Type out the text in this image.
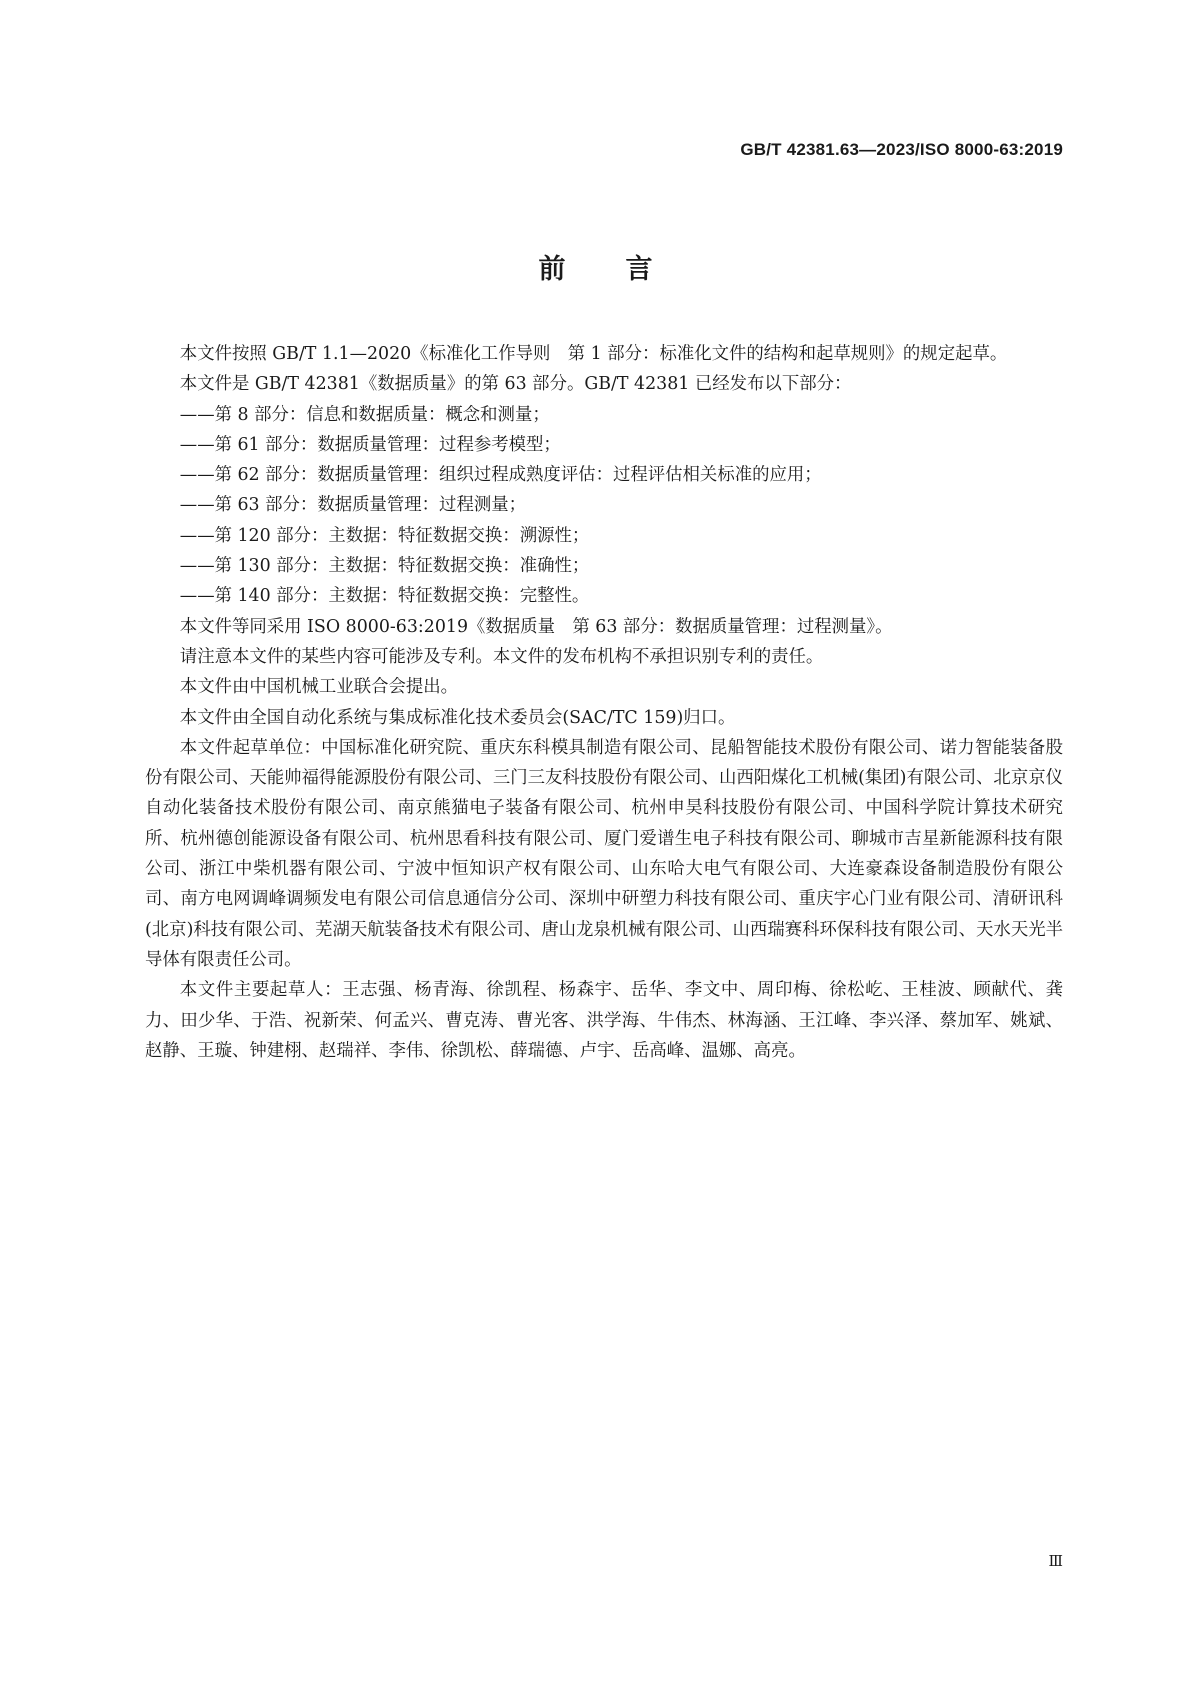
GB/T 42381.63—2023/ISO 8000-63:2019
前言

本文件按照 GB/T 1.1—2020《标准化工作导则　第 1 部分：标准化文件的结构和起草规则》的规定起草。

本文件是 GB/T 42381《数据质量》的第 63 部分。GB/T 42381 已经发布以下部分：

——第 8 部分：信息和数据质量：概念和测量；

——第 61 部分：数据质量管理：过程参考模型；

——第 62 部分：数据质量管理：组织过程成熟度评估：过程评估相关标准的应用；

——第 63 部分：数据质量管理：过程测量；

——第 120 部分：主数据：特征数据交换：溯源性；

——第 130 部分：主数据：特征数据交换：准确性；

——第 140 部分：主数据：特征数据交换：完整性。

本文件等同采用 ISO 8000-63:2019《数据质量　第 63 部分：数据质量管理：过程测量》。

请注意本文件的某些内容可能涉及专利。本文件的发布机构不承担识别专利的责任。

本文件由中国机械工业联合会提出。

本文件由全国自动化系统与集成标准化技术委员会(SAC/TC 159)归口。

本文件起草单位：中国标准化研究院、重庆东科模具制造有限公司、昆船智能技术股份有限公司、诺力智能装备股份有限公司、天能帅福得能源股份有限公司、三门三友科技股份有限公司、山西阳煤化工机械(集团)有限公司、北京京仪自动化装备技术股份有限公司、南京熊猫电子装备有限公司、杭州申昊科技股份有限公司、中国科学院计算技术研究所、杭州德创能源设备有限公司、杭州思看科技有限公司、厦门爱谱生电子科技有限公司、聊城市吉星新能源科技有限公司、浙江中柴机器有限公司、宁波中恒知识产权有限公司、山东哈大电气有限公司、大连豪森设备制造股份有限公司、南方电网调峰调频发电有限公司信息通信分公司、深圳中研塑力科技有限公司、重庆宇心门业有限公司、清研讯科(北京)科技有限公司、芜湖天航装备技术有限公司、唐山龙泉机械有限公司、山西瑞赛科环保科技有限公司、天水天光半导体有限责任公司。

本文件主要起草人：王志强、杨青海、徐凯程、杨森宇、岳华、李文中、周印梅、徐松屹、王桂波、顾献代、龚力、田少华、于浩、祝新荣、何孟兴、曹克涛、曹光客、洪学海、牛伟杰、林海涵、王江峰、李兴泽、蔡加军、姚斌、赵静、王璇、钟建栩、赵瑞祥、李伟、徐凯松、薛瑞德、卢宇、岳高峰、温娜、高亮。

Ⅲ
